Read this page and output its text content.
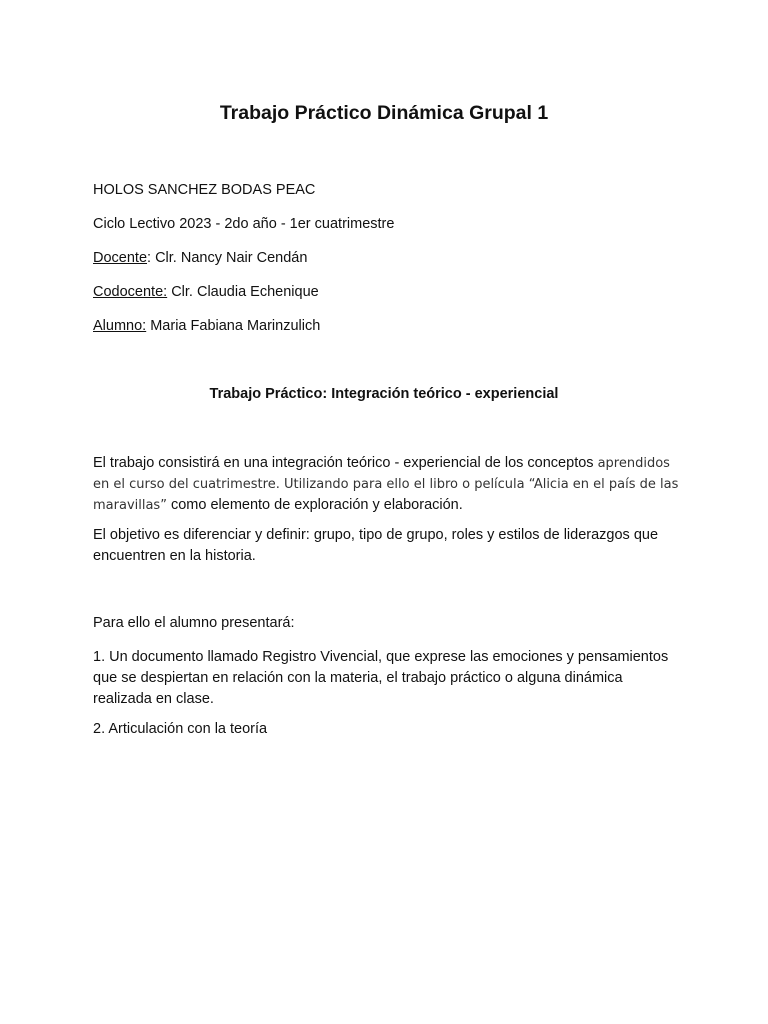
Trabajo Práctico Dinámica Grupal 1

HOLOS SANCHEZ BODAS PEAC

Ciclo Lectivo 2023 - 2do año - 1er cuatrimestre

Docente: Clr. Nancy Nair Cendán

Codocente: Clr. Claudia Echenique

Alumno: Maria Fabiana Marinzulich

Trabajo Práctico: Integración teórico - experiencial

El trabajo consistirá en una integración teórico - experiencial de los conceptos aprendidos en el curso del cuatrimestre. Utilizando para ello el libro o película “Alicia en el país de las maravillas” como elemento de exploración y elaboración.

El objetivo es diferenciar y definir: grupo, tipo de grupo, roles y estilos de liderazgos que encuentren en la historia.

Para ello el alumno presentará:

1. Un documento llamado Registro Vivencial, que exprese las emociones y pensamientos que se despiertan en relación con la materia, el trabajo práctico o alguna dinámica realizada en clase.

2. Articulación con la teoría
